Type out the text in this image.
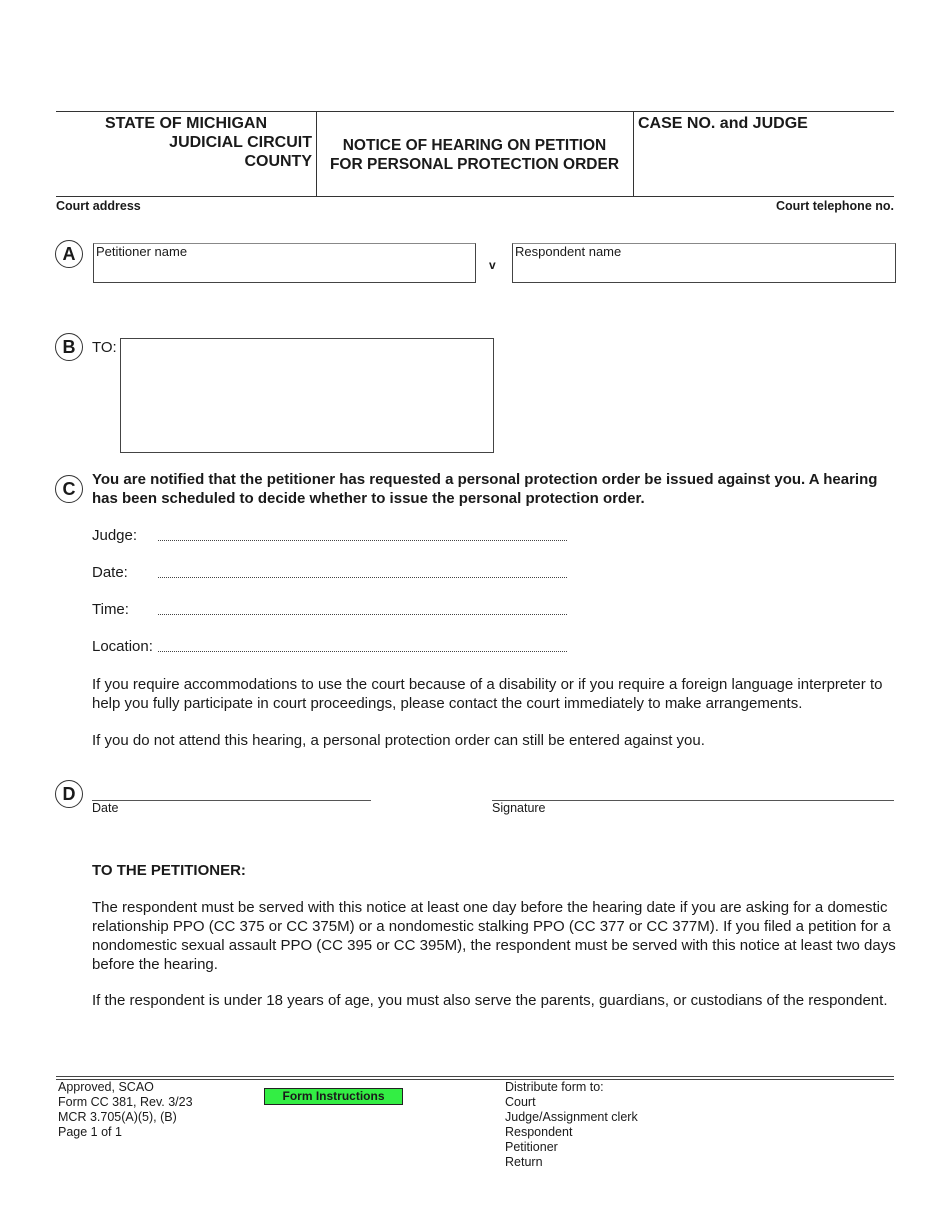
STATE OF MICHIGAN
JUDICIAL CIRCUIT
COUNTY
NOTICE OF HEARING ON PETITION
FOR PERSONAL PROTECTION ORDER
CASE NO. and JUDGE
Court address	Court telephone no.
A	Petitioner name
v
Respondent name
B	TO:
C	You are notified that the petitioner has requested a personal protection order be issued against you. A hearing has been scheduled to decide whether to issue the personal protection order.
Judge:
Date:
Time:
Location:
If you require accommodations to use the court because of a disability or if you require a foreign language interpreter to help you fully participate in court proceedings, please contact the court immediately to make arrangements.
If you do not attend this hearing, a personal protection order can still be entered against you.
D
Date	Signature
TO THE PETITIONER:
The respondent must be served with this notice at least one day before the hearing date if you are asking for a domestic relationship PPO (CC 375 or CC 375M) or a nondomestic stalking PPO (CC 377 or CC 377M). If you filed a petition for a nondomestic sexual assault PPO (CC 395 or CC 395M), the respondent must be served with this notice at least two days before the hearing.
If the respondent is under 18 years of age, you must also serve the parents, guardians, or custodians of the respondent.
Approved, SCAO
Form CC 381, Rev. 3/23
MCR 3.705(A)(5), (B)
Page 1 of 1
Form Instructions
Distribute form to:
Court
Judge/Assignment clerk
Respondent
Petitioner
Return
